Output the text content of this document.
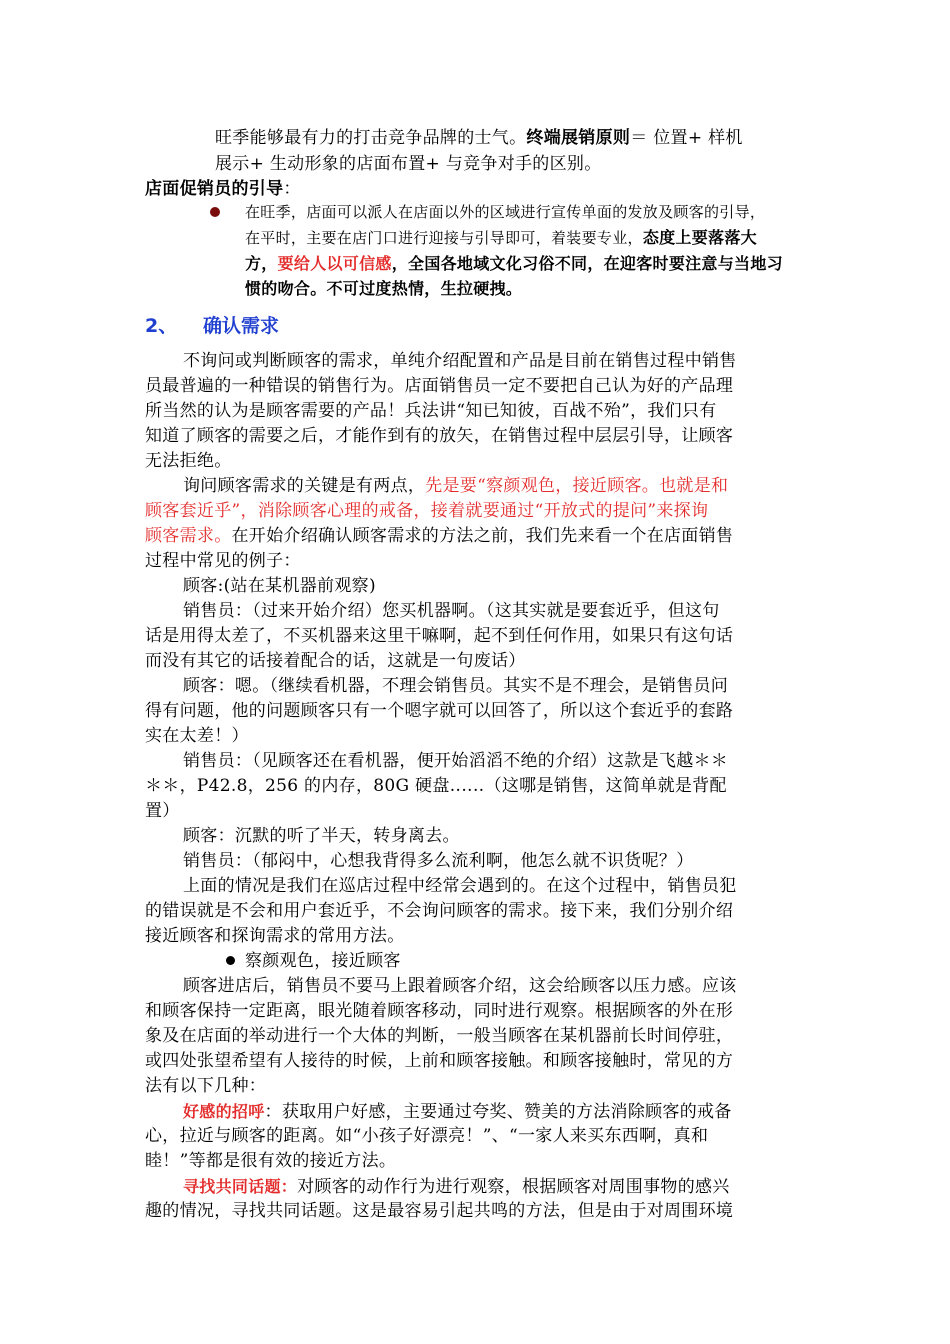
旺季能够最有力的打击竞争品牌的士气。终端展销原则＝ 位置+ 样机
展示+ 生动形象的店面布置+ 与竞争对手的区别。
店面促销员的引导：
在旺季，店面可以派人在店面以外的区域进行宣传单面的发放及顾客的引导，
在平时，主要在店门口进行迎接与引导即可，着装要专业，态度上要落落大
方，要给人以可信感，全国各地域文化习俗不同，在迎客时要注意与当地习
惯的吻合。不可过度热情，生拉硬拽。
2、 确认需求
不询问或判断顾客的需求，单纯介绍配置和产品是目前在销售过程中销售
员最普遍的一种错误的销售行为。店面销售员一定不要把自己认为好的产品理
所当然的认为是顾客需要的产品！兵法讲“知已知彼，百战不殆”，我们只有
知道了顾客的需要之后，才能作到有的放矢，在销售过程中层层引导，让顾客
无法拒绝。
询问顾客需求的关键是有两点，先是要“察颜观色，接近顾客。也就是和
顾客套近乎”，消除顾客心理的戒备，接着就要通过“开放式的提问”来探询
顾客需求。在开始介绍确认顾客需求的方法之前，我们先来看一个在店面销售
过程中常见的例子：
顾客:(站在某机器前观察)
销售员：（过来开始介绍）您买机器啊。（这其实就是要套近乎，但这句
话是用得太差了，不买机器来这里干嘛啊，起不到任何作用，如果只有这句话
而没有其它的话接着配合的话，这就是一句废话）
顾客：嗯。（继续看机器，不理会销售员。其实不是不理会，是销售员问
得有问题，他的问题顾客只有一个嗯字就可以回答了，所以这个套近乎的套路
实在太差！）
销售员：（见顾客还在看机器，便开始滔滔不绝的介绍）这款是飞越＊＊
＊＊，P42.8，256 的内存，80G 硬盘‥‥‥（这哪是销售，这简单就是背配
置）
顾客：沉默的听了半天，转身离去。
销售员：（郁闷中，心想我背得多么流利啊，他怎么就不识货呢？）
上面的情况是我们在巡店过程中经常会遇到的。在这个过程中，销售员犯
的错误就是不会和用户套近乎，不会询问顾客的需求。接下来，我们分别介绍
接近顾客和探询需求的常用方法。
察颜观色，接近顾客
顾客进店后，销售员不要马上跟着顾客介绍，这会给顾客以压力感。应该
和顾客保持一定距离，眼光随着顾客移动，同时进行观察。根据顾客的外在形
象及在店面的举动进行一个大体的判断，一般当顾客在某机器前长时间停驻，
或四处张望希望有人接待的时候，上前和顾客接触。和顾客接触时，常见的方
法有以下几种：
好感的招呼：获取用户好感，主要通过夸奖、赞美的方法消除顾客的戒备
心，拉近与顾客的距离。如“小孩子好漂亮！”、“一家人来买东西啊，真和
睦！”等都是很有效的接近方法。
寻找共同话题：对顾客的动作行为进行观察，根据顾客对周围事物的感兴
趣的情况，寻找共同话题。这是最容易引起共鸣的方法，但是由于对周围环境
